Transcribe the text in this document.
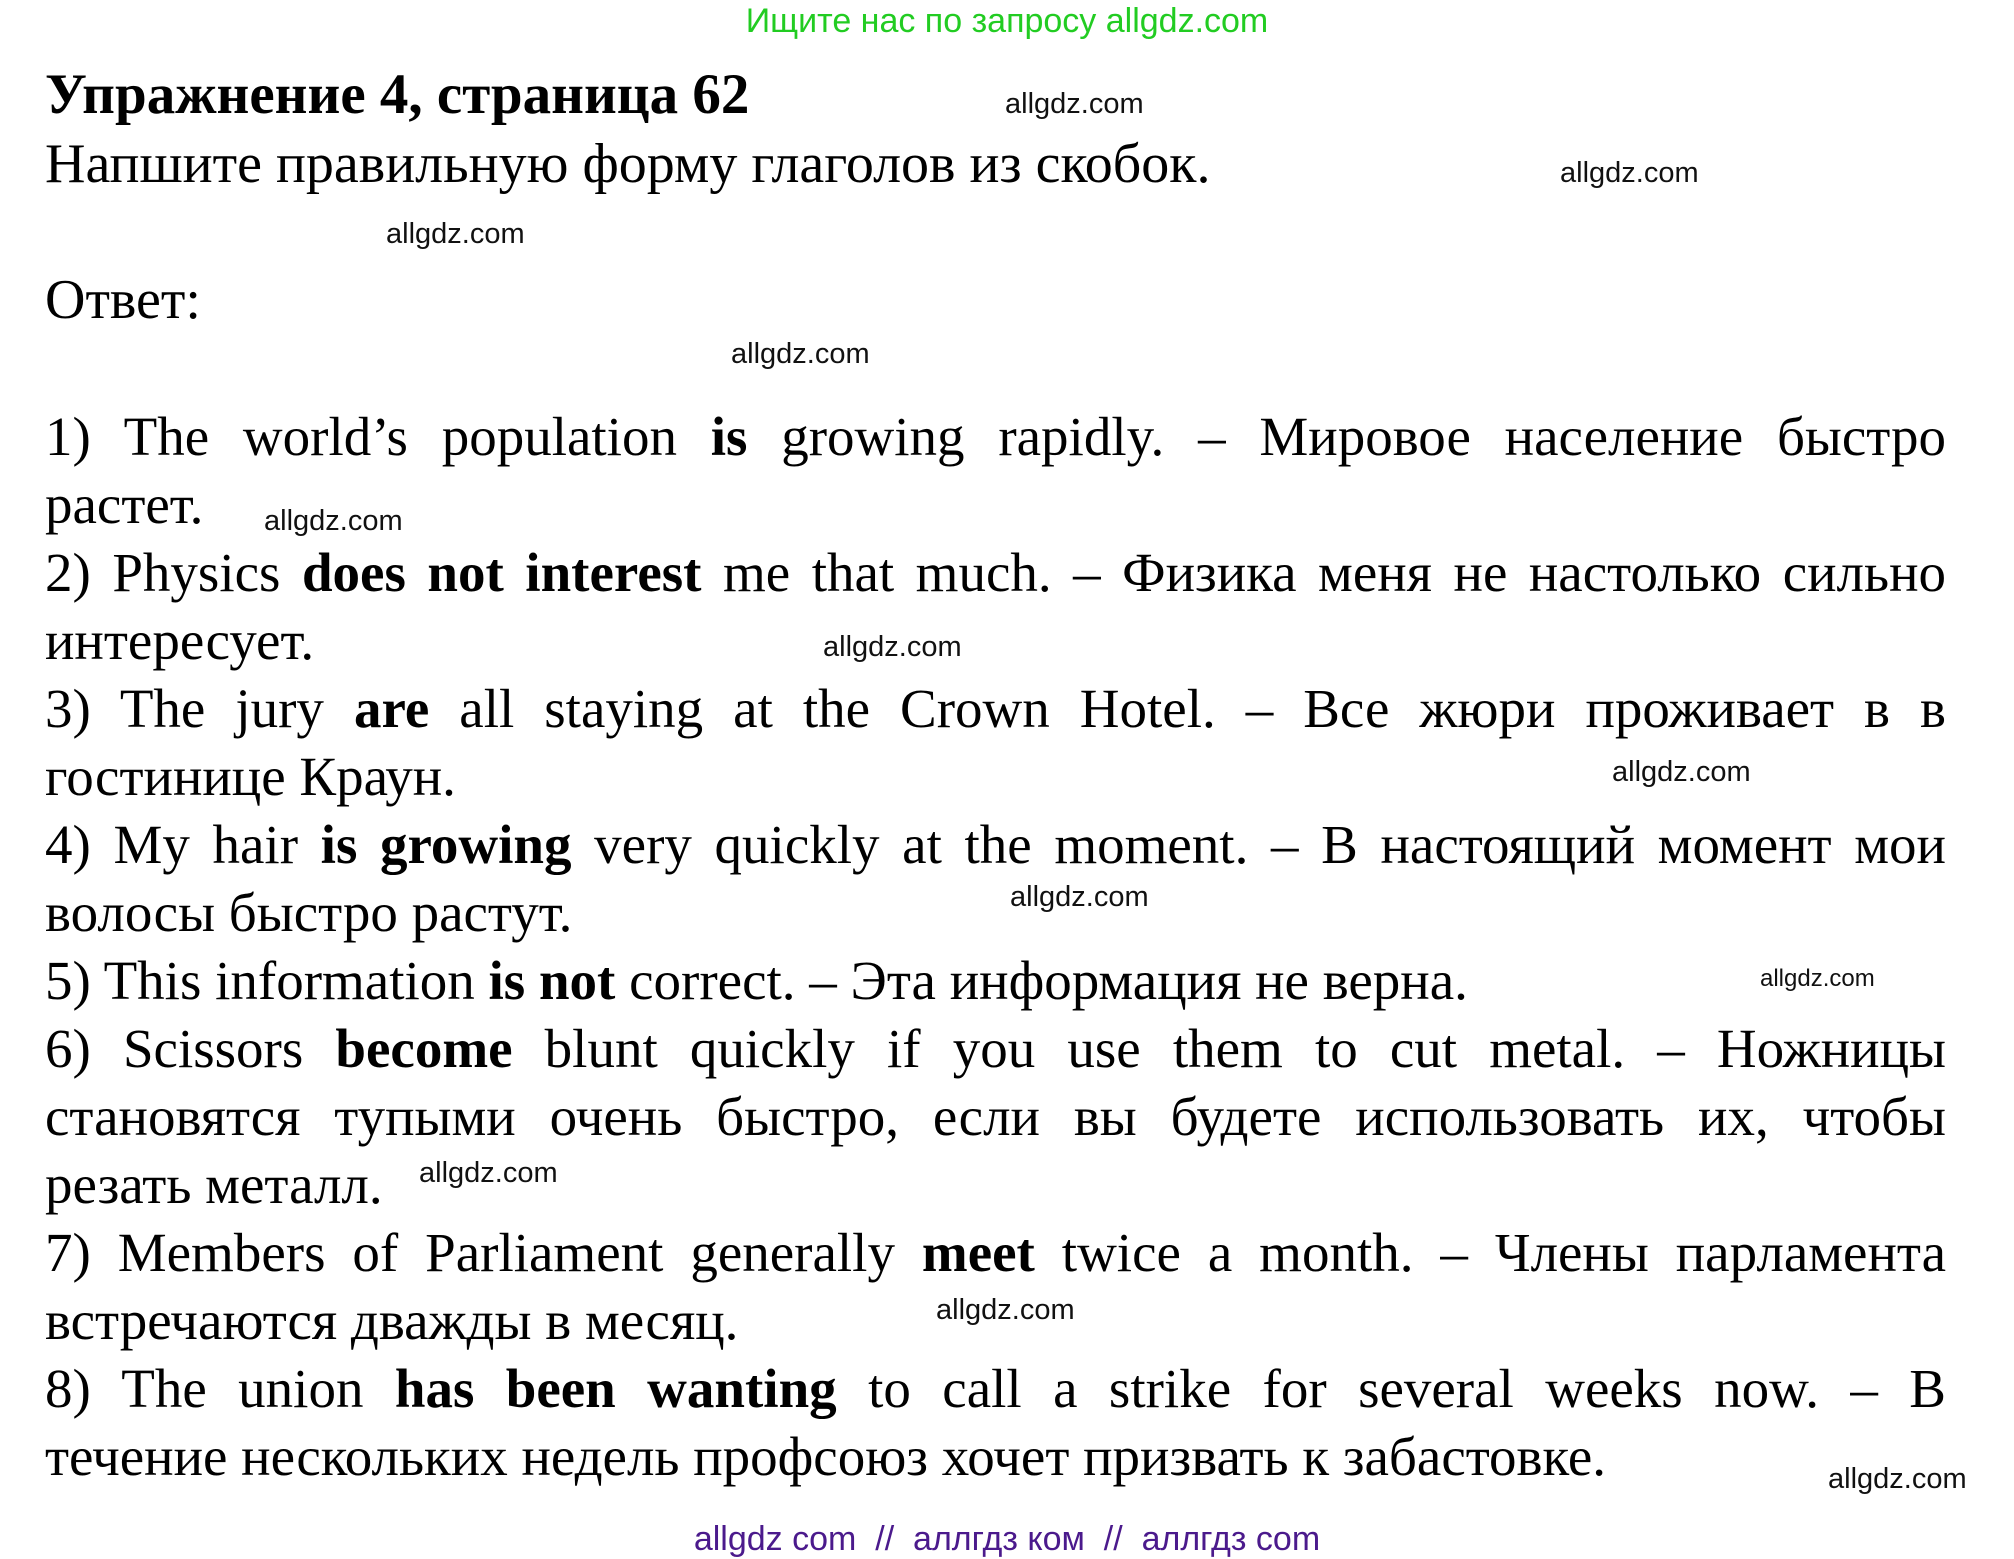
Ищите нас по запросу allgdz.com
Упражнение 4, страница 62
Напшите правильную форму глаголов из скобок.
Ответ:
1) The world’s population is growing rapidly. – Мировое население быстро
растет.
2) Physics does not interest me that much. – Физика меня не настолько сильно
интересует.
3) The jury are all staying at the Crown Hotel. – Все жюри проживает в в
гостинице Краун.
4) My hair is growing very quickly at the moment. – В настоящий момент мои
волосы быстро растут.
5) This information is not correct. – Эта информация не верна.
6) Scissors become blunt quickly if you use them to cut metal. – Ножницы
становятся тупыми очень быстро, если вы будете использовать их, чтобы
резать металл.
7) Members of Parliament generally meet twice a month. – Члены парламента
встречаются дважды в месяц.
8) The union has been wanting to call a strike for several weeks now. – В
течение нескольких недель профсоюз хочет призвать к забастовке.
allgdz.com
allgdz.com
allgdz.com
allgdz.com
allgdz.com
allgdz.com
allgdz.com
allgdz.com
allgdz.com
allgdz.com
allgdz.com
allgdz.com
allgdz com  //  аллгдз ком  //  аллгдз com
